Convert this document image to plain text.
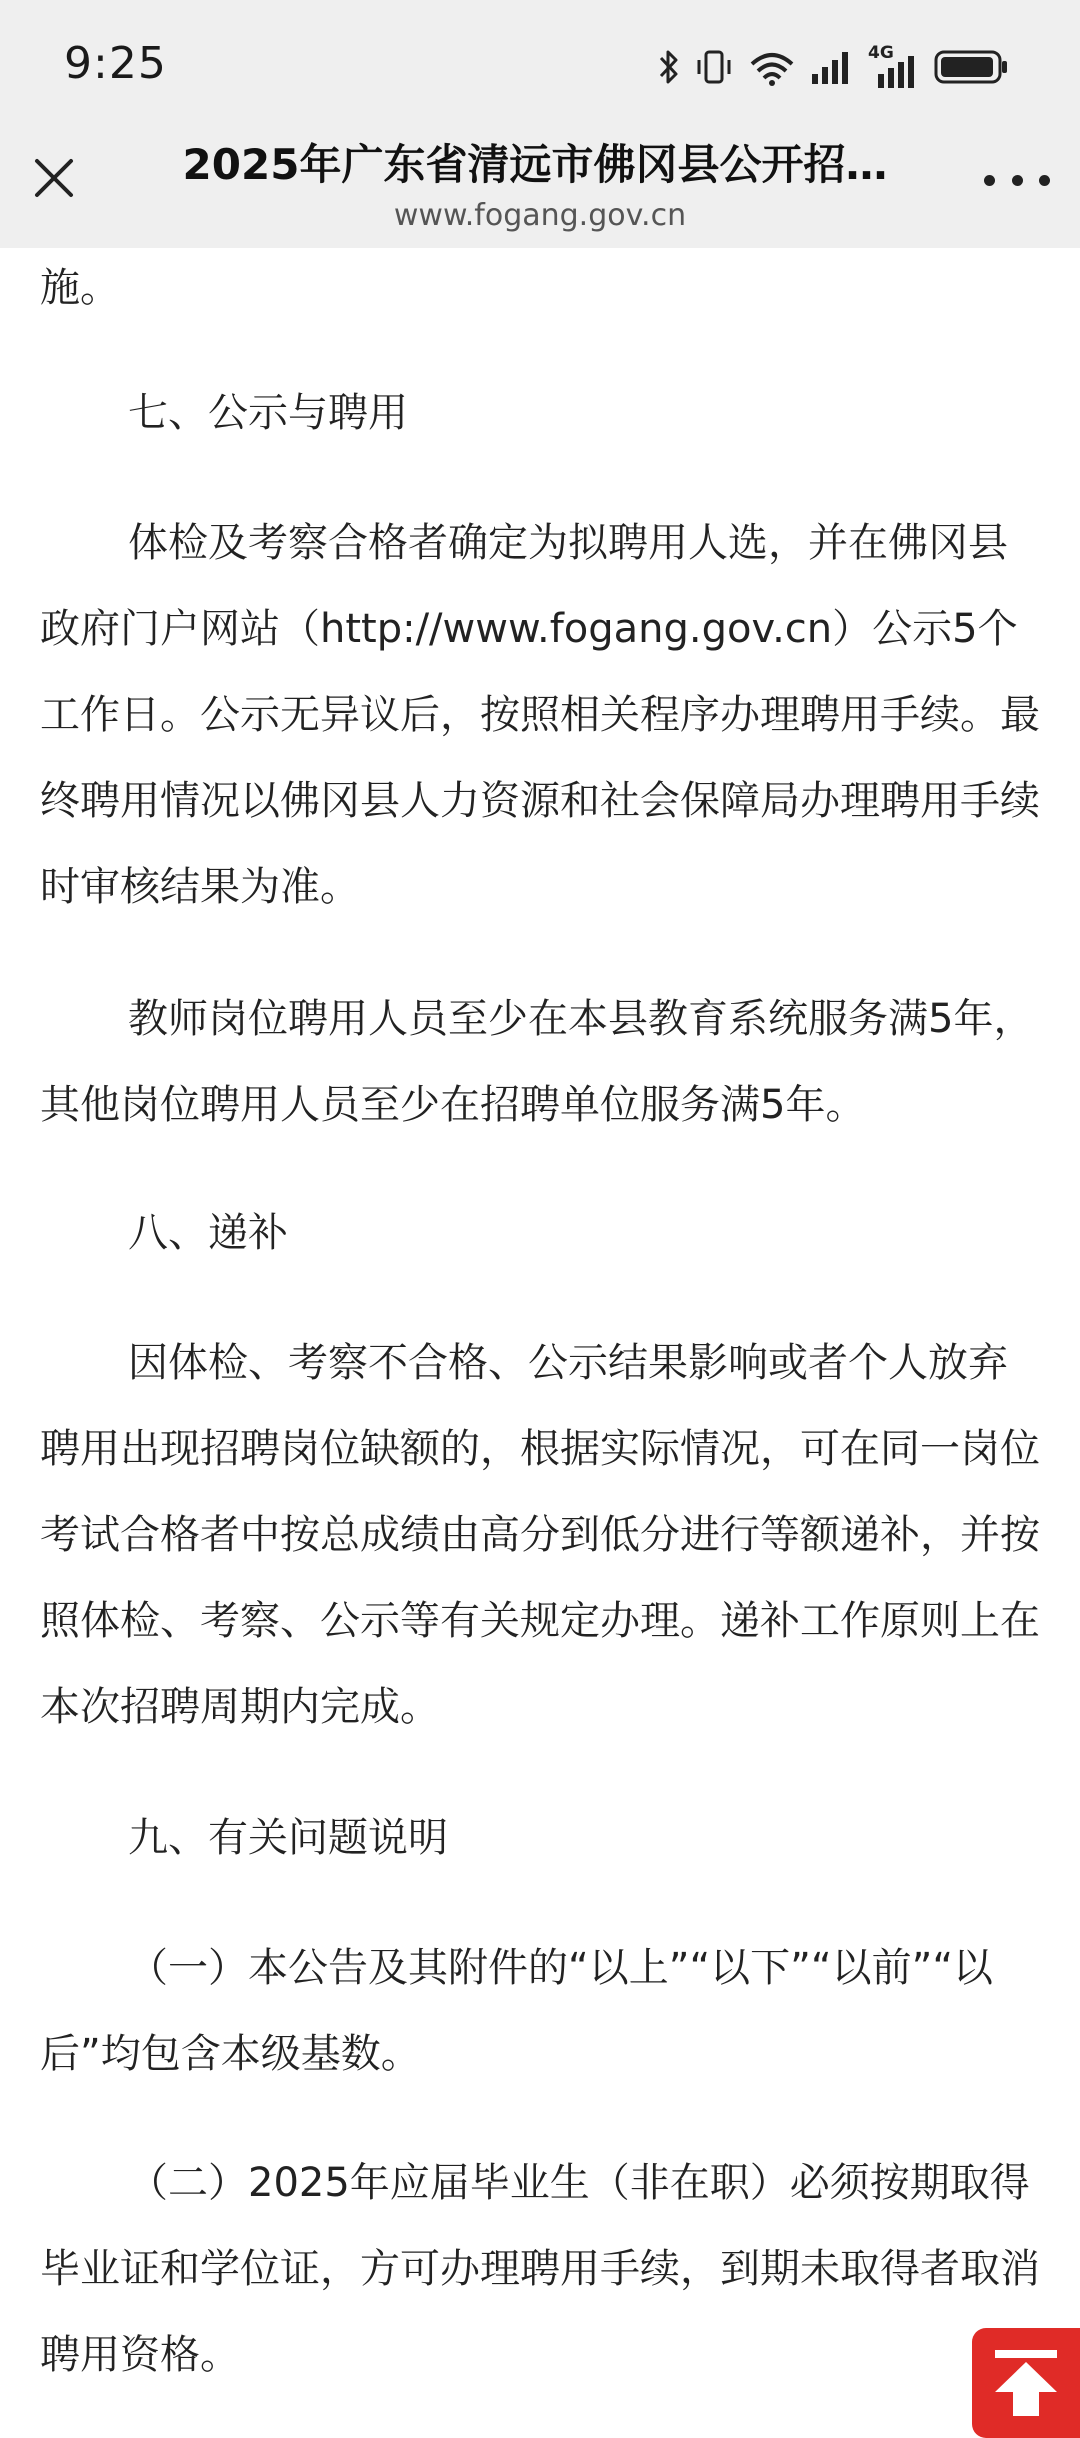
施。

七、公示与聘用

体检及考察合格者确定为拟聘用人选，并在佛冈县政府门户网站（http://www.fogang.gov.cn）公示5个工作日。公示无异议后，按照相关程序办理聘用手续。最终聘用情况以佛冈县人力资源和社会保障局办理聘用手续时审核结果为准。

教师岗位聘用人员至少在本县教育系统服务满5年，其他岗位聘用人员至少在招聘单位服务满5年。

八、递补

因体检、考察不合格、公示结果影响或者个人放弃聘用出现招聘岗位缺额的，根据实际情况，可在同一岗位考试合格者中按总成绩由高分到低分进行等额递补，并按照体检、考察、公示等有关规定办理。递补工作原则上在本次招聘周期内完成。

九、有关问题说明

（一）本公告及其附件的“以上”“以下”“以前”“以后”均包含本级基数。

（二）2025年应届毕业生（非在职）必须按期取得毕业证和学位证，方可办理聘用手续，到期未取得者取消聘用资格。

9:25	4G
2025年广东省清远市佛冈县公开招…
www.fogang.gov.cn
